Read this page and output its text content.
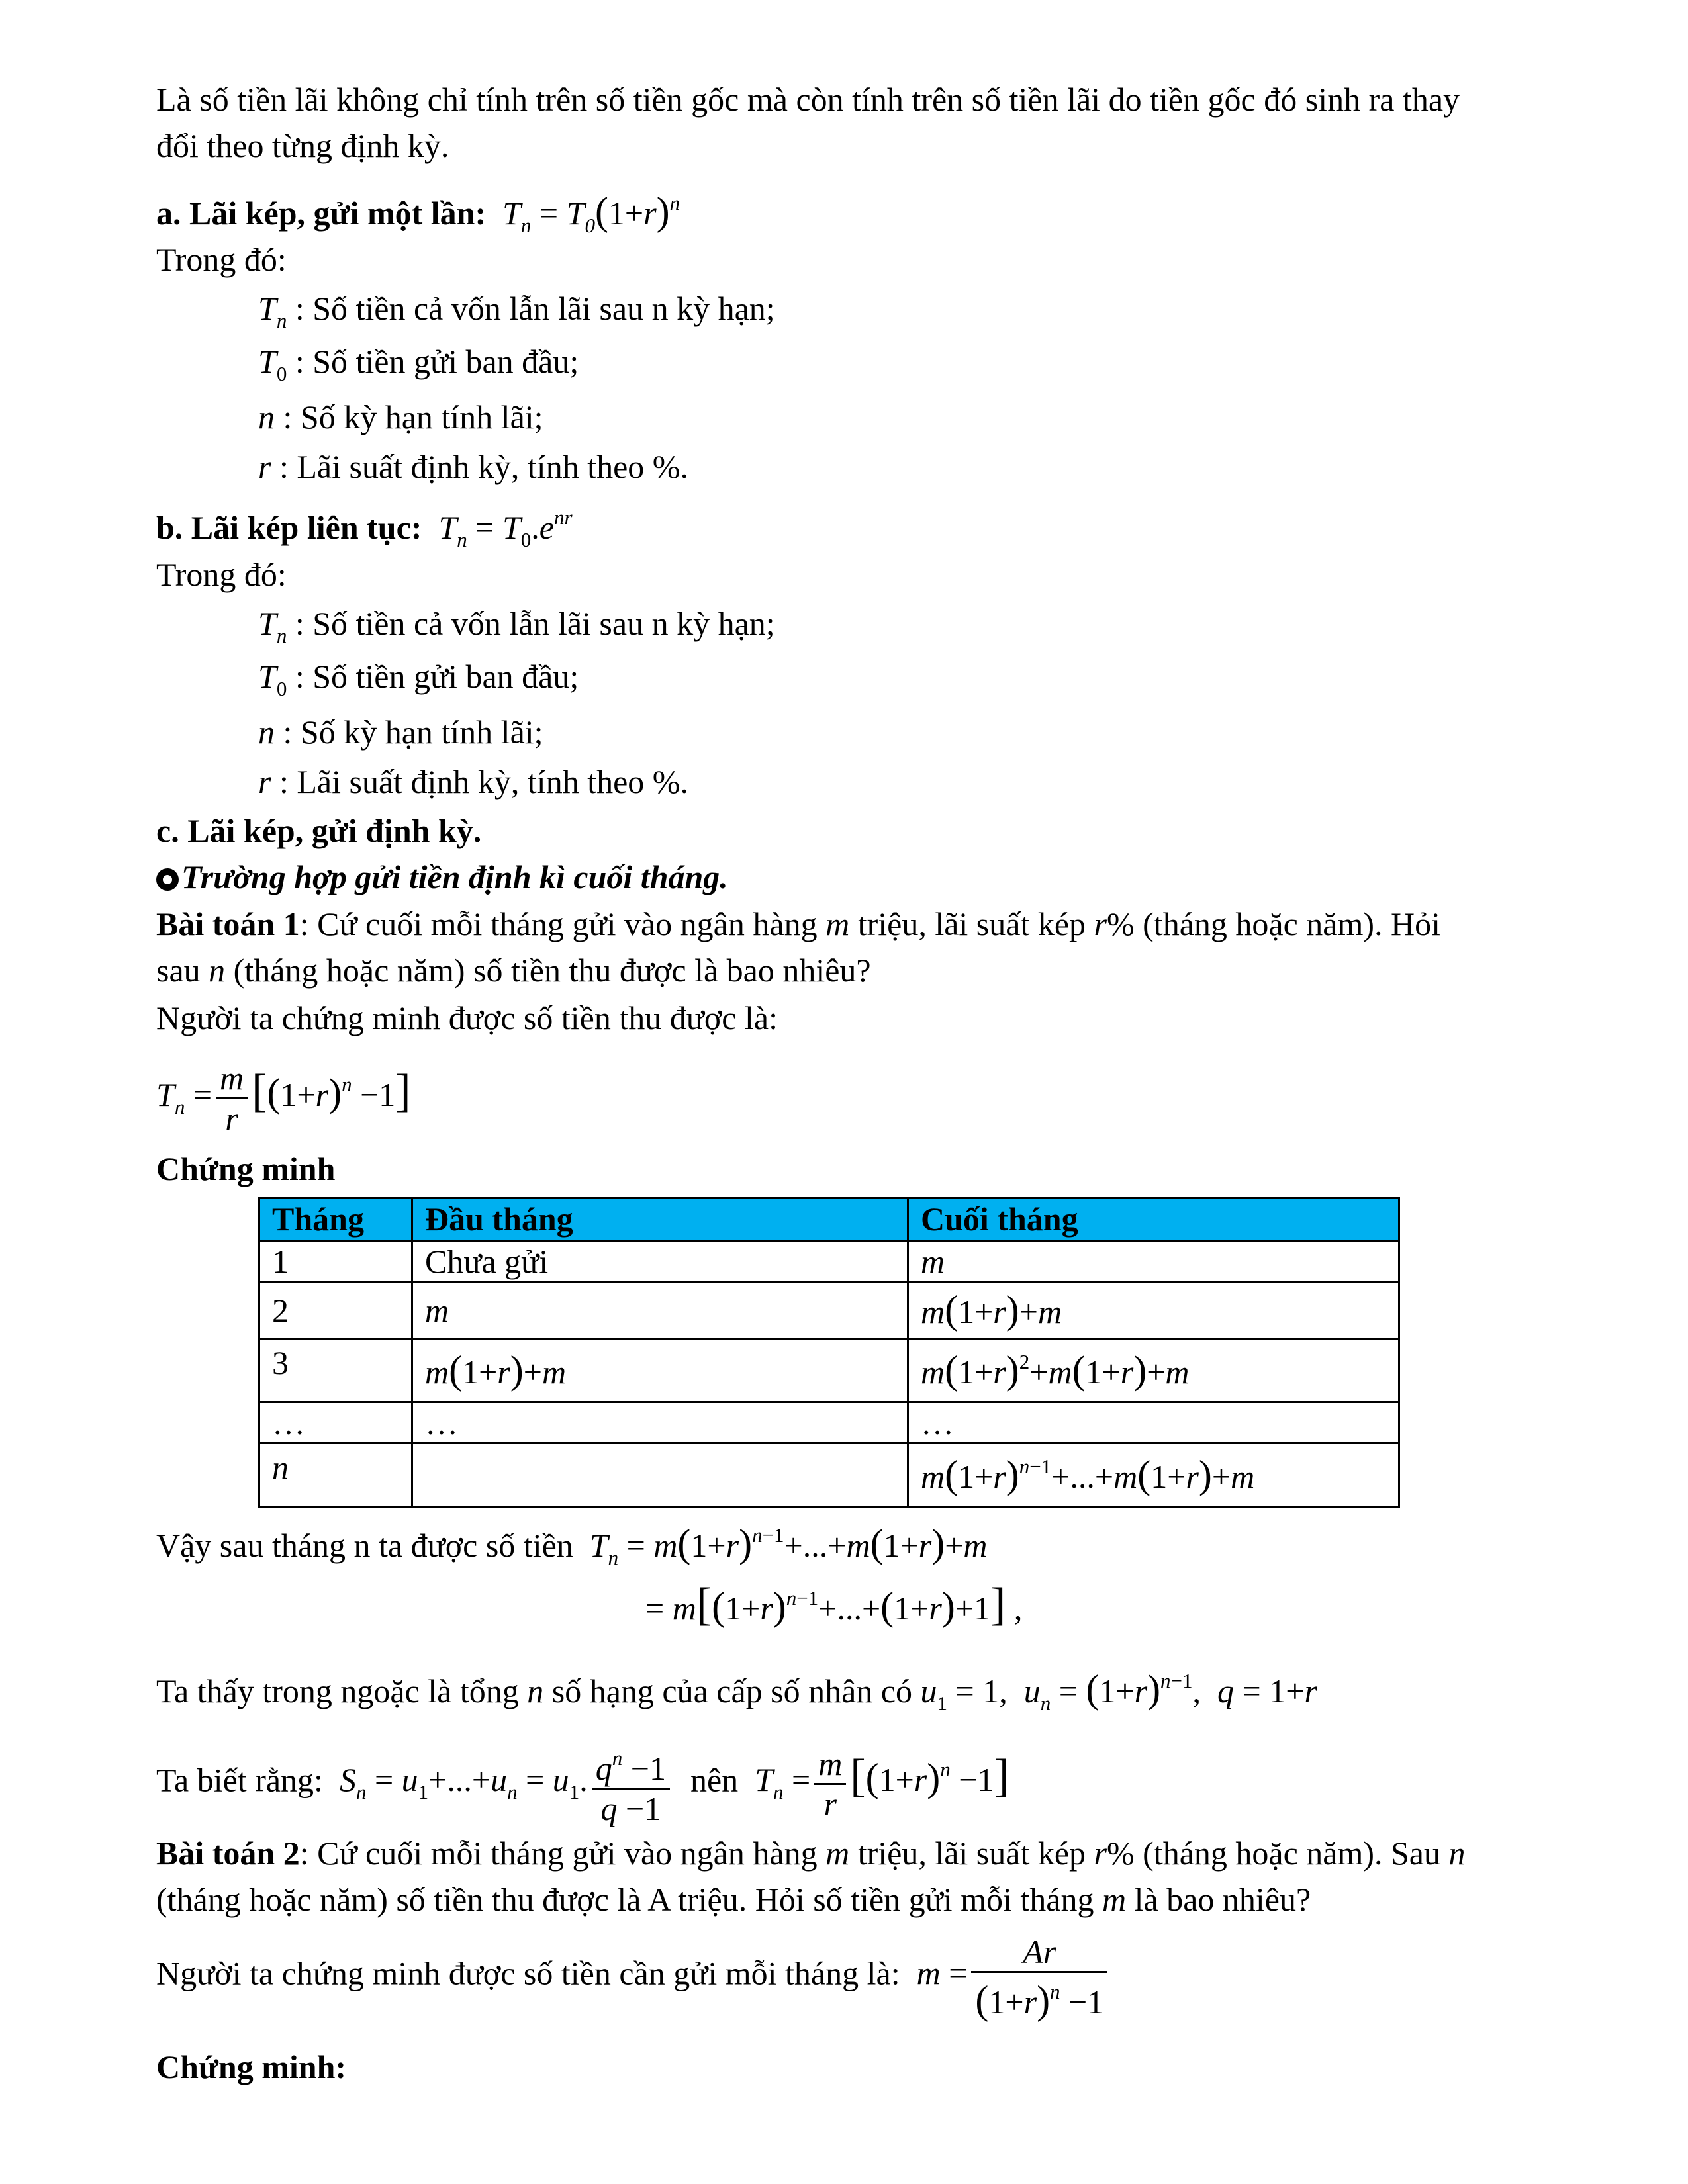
Là số tiền lãi không chỉ tính trên số tiền gốc mà còn tính trên số tiền lãi do tiền gốc đó sinh ra thay
đổi theo từng định kỳ.
a. Lãi kép, gửi một lần:  $T_n = T_0(1+r)^n$
Trong đó:
$T_n$ : Số tiền cả vốn lẫn lãi sau n kỳ hạn;
$T_0$ : Số tiền gửi ban đầu;
n : Số kỳ hạn tính lãi;
r : Lãi suất định kỳ, tính theo %.
b. Lãi kép liên tục:  $T_n = T_0.e^{nr}$
Trong đó:
$T_n$ : Số tiền cả vốn lẫn lãi sau n kỳ hạn;
$T_0$ : Số tiền gửi ban đầu;
n : Số kỳ hạn tính lãi;
r : Lãi suất định kỳ, tính theo %.
c. Lãi kép, gửi định kỳ.
Trường hợp gửi tiền định kì cuối tháng.
Bài toán 1: Cứ cuối mỗi tháng gửi vào ngân hàng m triệu, lãi suất kép r% (tháng hoặc năm). Hỏi
sau n (tháng hoặc năm) số tiền thu được là bao nhiêu?
Người ta chứng minh được số tiền thu được là:
$T_n = \frac{m}{r} [(1+r)^n -1]$
Chứng minh
Tháng	Đầu tháng	Cuối tháng
1	Chưa gửi	m
2	m	m(1+r)+m
3	m(1+r)+m	$m(1+r)^2+m(1+r)+m$
…	…	…
n		$m(1+r)^{n-1}+...+m(1+r)+m$
Vậy sau tháng n ta được số tiền  $T_n = m(1+r)^{n-1}+...+m(1+r)+m$
= $m[(1+r)^{n-1}+...+(1+r)+1]$ ,
Ta thấy trong ngoặc là tổng n số hạng của cấp số nhân có $u_1 = 1$,  $u_n = (1+r)^{n-1}$,  q = 1+r
Ta biết rằng:  $S_n = u_1+...+u_n = u_1$. $\frac{q^n -1}{q -1}$ nên  $T_n = \frac{m}{r} [(1+r)^n -1]$
Bài toán 2: Cứ cuối mỗi tháng gửi vào ngân hàng m triệu, lãi suất kép r% (tháng hoặc năm). Sau n
(tháng hoặc năm) số tiền thu được là A triệu. Hỏi số tiền gửi mỗi tháng m là bao nhiêu?
Người ta chứng minh được số tiền cần gửi mỗi tháng là:  $m = \frac{Ar}{(1+r)^n -1}$
Chứng minh:
